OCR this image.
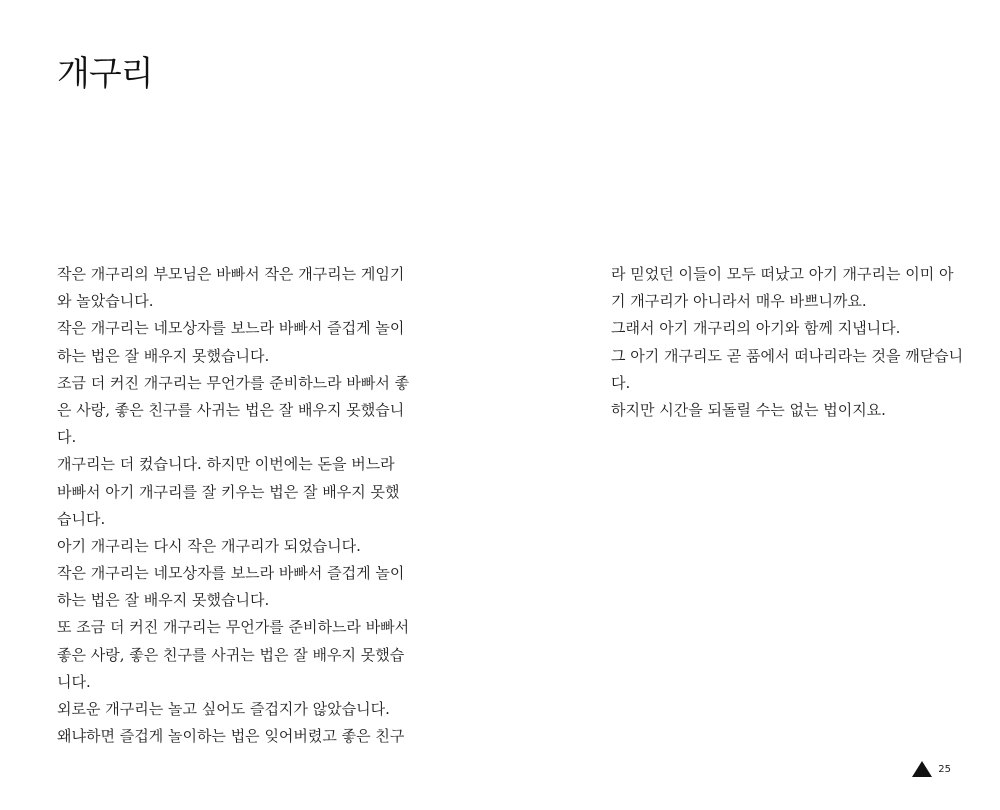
개구리
작은 개구리의 부모님은 바빠서 작은 개구리는 게임기
와 놀았습니다.
작은 개구리는 네모상자를 보느라 바빠서 즐겁게 놀이
하는 법은 잘 배우지 못했습니다.
조금 더 커진 개구리는 무언가를 준비하느라 바빠서 좋
은 사랑, 좋은 친구를 사귀는 법은 잘 배우지 못했습니
다.
개구리는 더 컸습니다. 하지만 이번에는 돈을 버느라
바빠서 아기 개구리를 잘 키우는 법은 잘 배우지 못했
습니다.
아기 개구리는 다시 작은 개구리가 되었습니다.
작은 개구리는 네모상자를 보느라 바빠서 즐겁게 놀이
하는 법은 잘 배우지 못했습니다.
또 조금 더 커진 개구리는 무언가를 준비하느라 바빠서
좋은 사랑, 좋은 친구를 사귀는 법은 잘 배우지 못했습
니다.
외로운 개구리는 놀고 싶어도 즐겁지가 않았습니다.
왜냐하면 즐겁게 놀이하는 법은 잊어버렸고 좋은 친구
라 믿었던 이들이 모두 떠났고 아기 개구리는 이미 아
기 개구리가 아니라서 매우 바쁘니까요.
그래서 아기 개구리의 아기와 함께 지냅니다.
그 아기 개구리도 곧 품에서 떠나리라는 것을 깨닫습니
다.
하지만 시간을 되돌릴 수는 없는 법이지요.
25
